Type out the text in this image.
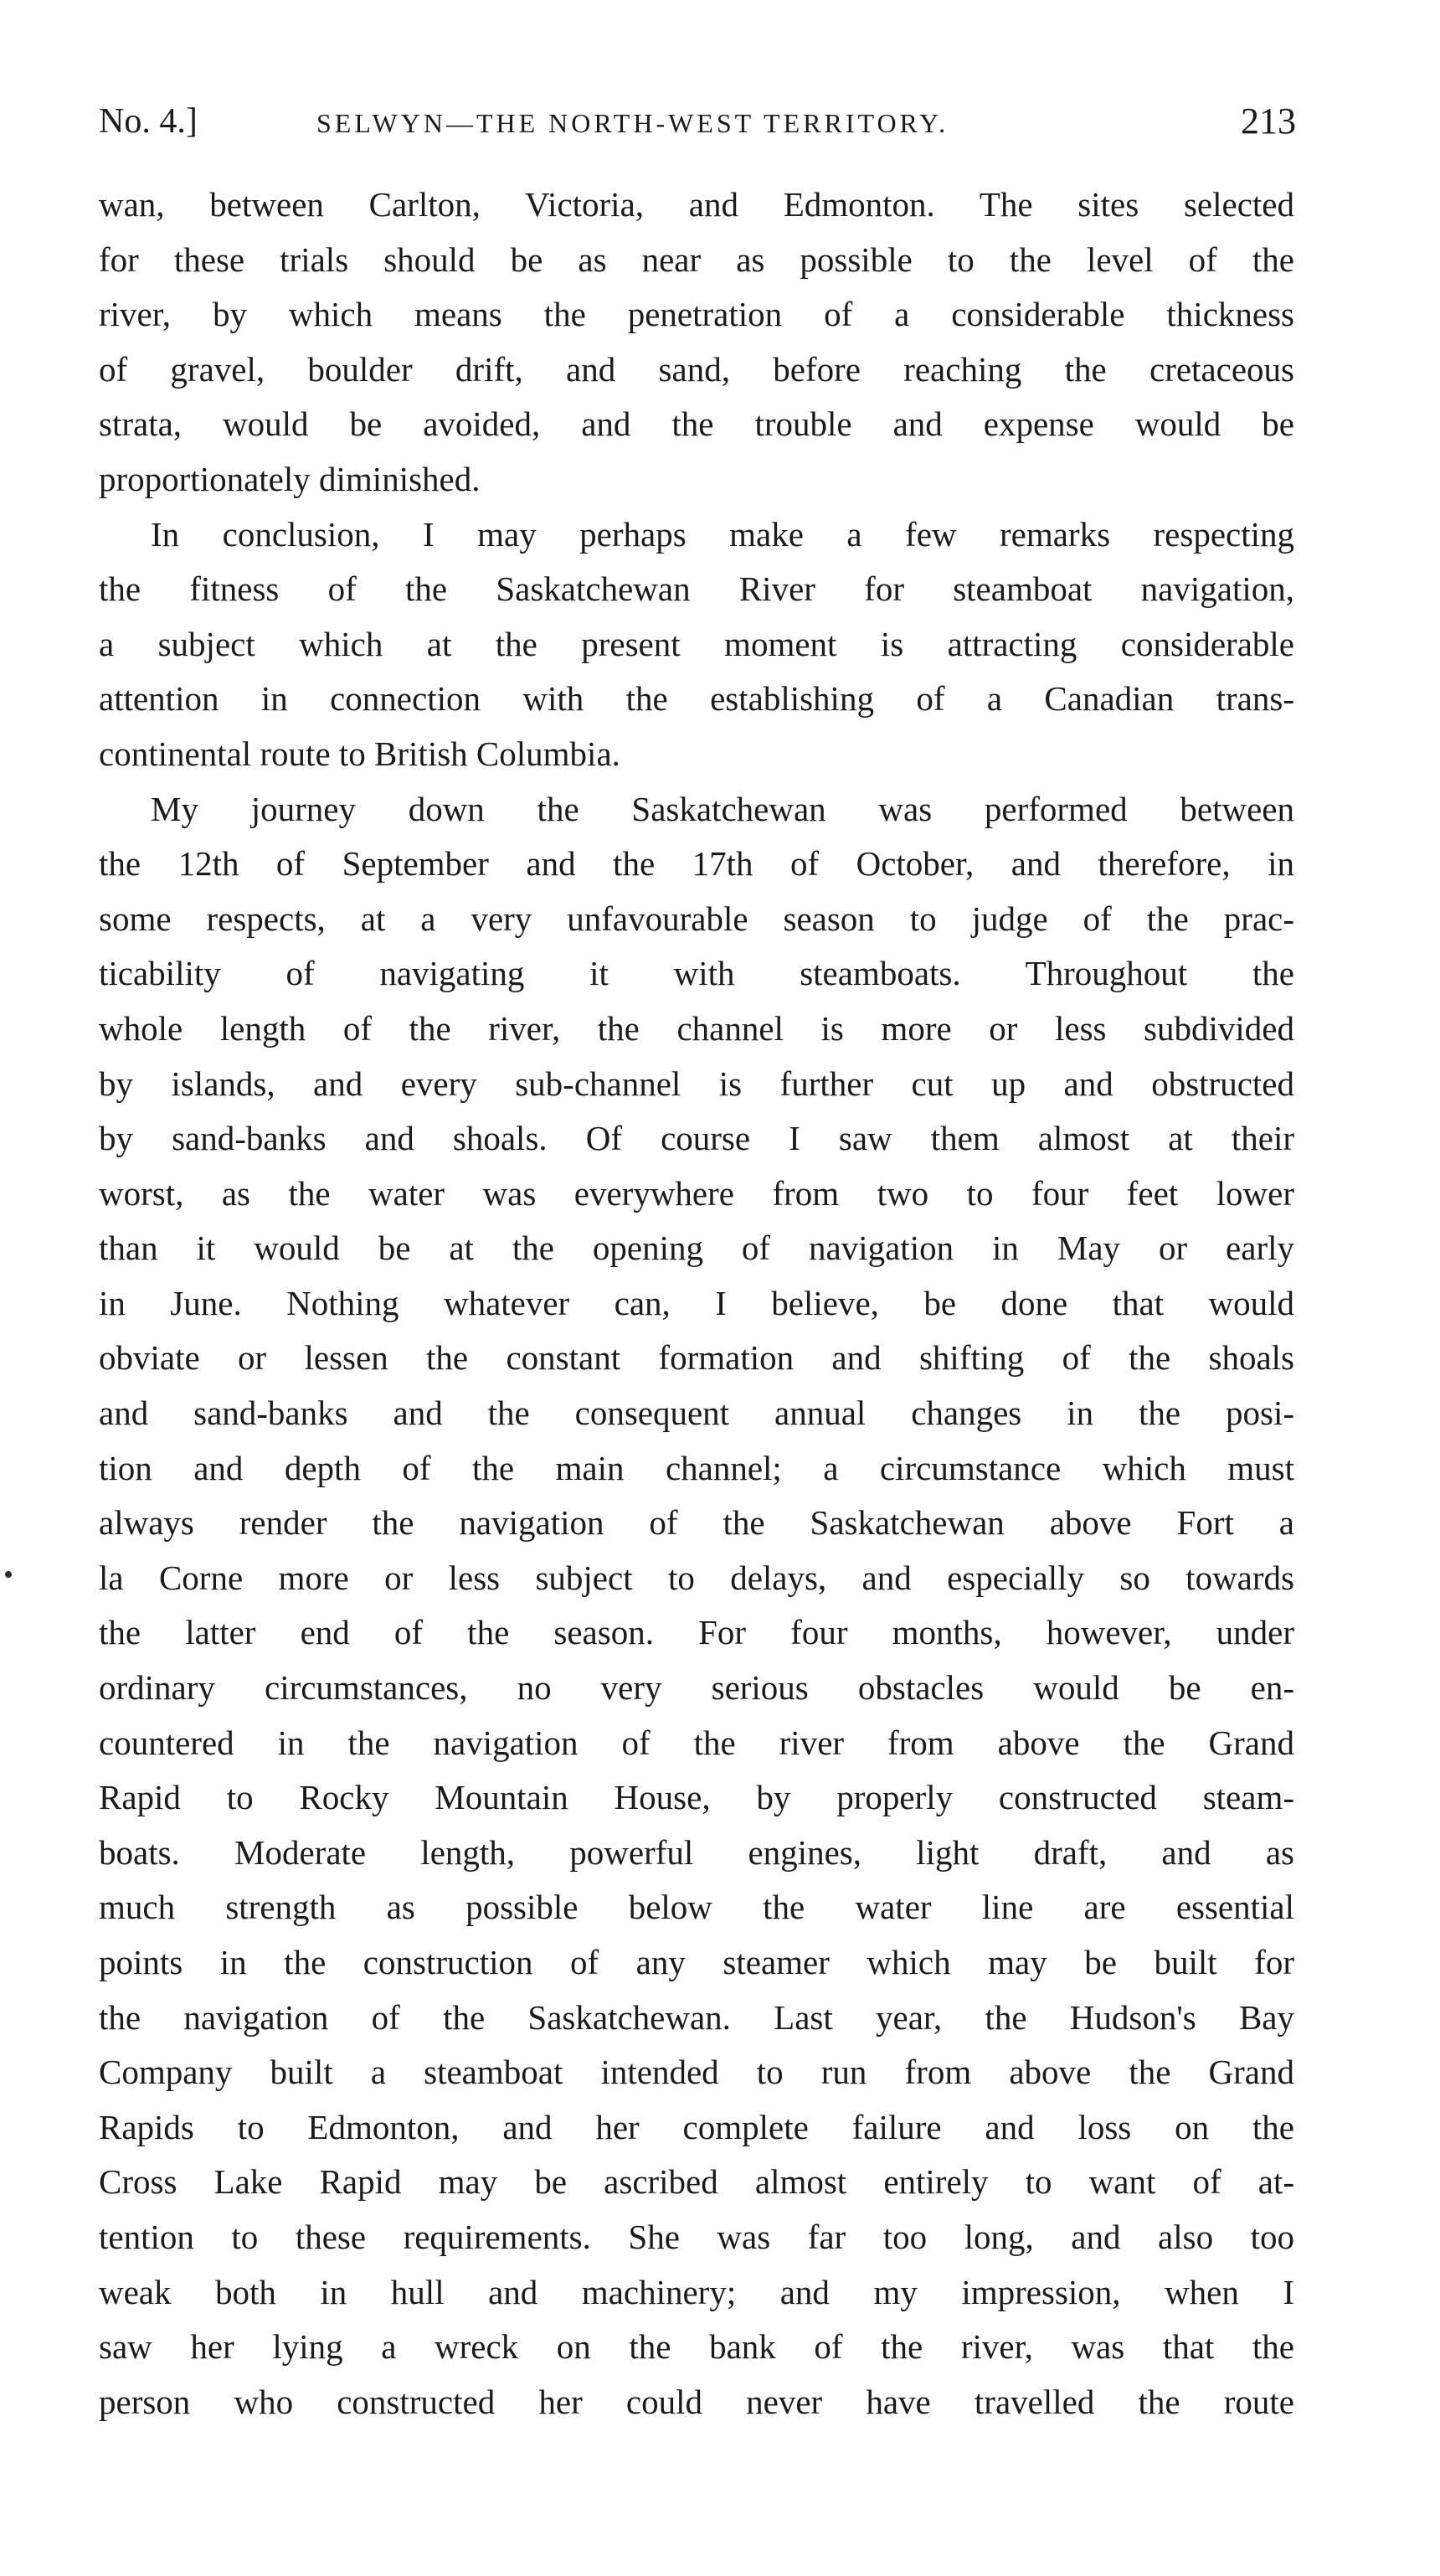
No. 4.]	SELWYN—THE NORTH-WEST TERRITORY.	213
wan, between Carlton, Victoria, and Edmonton. The sites selected
for these trials should be as near as possible to the level of the
river, by which means the penetration of a considerable thickness
of gravel, boulder drift, and sand, before reaching the cretaceous
strata, would be avoided, and the trouble and expense would be
proportionately diminished.
In conclusion, I may perhaps make a few remarks respecting
the fitness of the Saskatchewan River for steamboat navigation,
a subject which at the present moment is attracting considerable
attention in connection with the establishing of a Canadian trans-
continental route to British Columbia.
My journey down the Saskatchewan was performed between
the 12th of September and the 17th of October, and therefore, in
some respects, at a very unfavourable season to judge of the prac-
ticability of navigating it with steamboats. Throughout the
whole length of the river, the channel is more or less subdivided
by islands, and every sub-channel is further cut up and obstructed
by sand-banks and shoals. Of course I saw them almost at their
worst, as the water was everywhere from two to four feet lower
than it would be at the opening of navigation in May or early
in June. Nothing whatever can, I believe, be done that would
obviate or lessen the constant formation and shifting of the shoals
and sand-banks and the consequent annual changes in the posi-
tion and depth of the main channel; a circumstance which must
always render the navigation of the Saskatchewan above Fort a
la Corne more or less subject to delays, and especially so towards
the latter end of the season. For four months, however, under
ordinary circumstances, no very serious obstacles would be en-
countered in the navigation of the river from above the Grand
Rapid to Rocky Mountain House, by properly constructed steam-
boats. Moderate length, powerful engines, light draft, and as
much strength as possible below the water line are essential
points in the construction of any steamer which may be built for
the navigation of the Saskatchewan. Last year, the Hudson's Bay
Company built a steamboat intended to run from above the Grand
Rapids to Edmonton, and her complete failure and loss on the
Cross Lake Rapid may be ascribed almost entirely to want of at-
tention to these requirements. She was far too long, and also too
weak both in hull and machinery; and my impression, when I
saw her lying a wreck on the bank of the river, was that the
person who constructed her could never have travelled the route
